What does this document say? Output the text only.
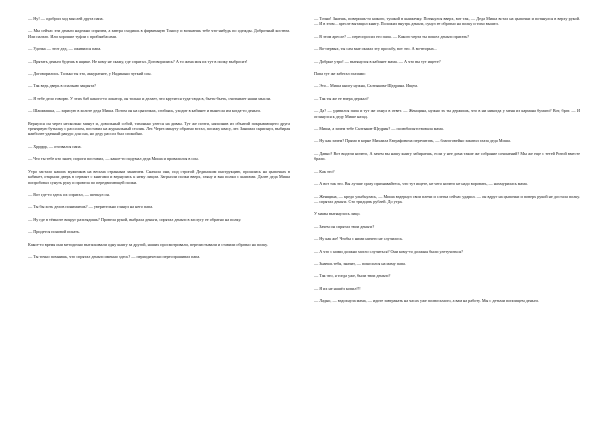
— Ну! — одобрил ход мыслей друга папа.

— Мы сейчас эти деньги надежно спрячем, а завтра сходишь в фирменную Тоносу и возьмешь тебе что-нибудь по одежды. Добротный костюм. Или пальто. Или хорошие туфли с прибамбасами.

— Удочка — этот дед, — оживился папа.

— Прятать деньги будешь в ящике. Не кому не скажу, где спрятал. Договорились? А то жена моя их тут в полку выбросит!

— Договорились. Только ты это, аккуратнее, у Надиньки чуткий сон.

— Так ведь дверь в спальню закрыта?

— Я тебе дело говорю. У этих баб какого-то локатор, он только и делает, что крутится туда-сюда в, бьеть-бьеть, считывает наши мысли.

— Шашмашка, — зарисую в холоте деда Миша. Потом он на цыпочках, сгибаясь, уходит в кабинет и вынесла им когда-то деньги.

Вернулся он через несколько минут и, довольный собой, тихонько улегся на диван. Тут же почти, наполнив из объятий покрывающего друга тренчрвую бутылку с рассолом, поставил на журнальный столик. Лег. Через минуту обратно встал, посижу квасу, лег. Занимал скрипнул, выбирая наиболее удачный ракурс для сна, но деду рассол был спокойно.

— Хррррр, — отозвался папа.

— Что ты тебе кто знает, пороги поставил, — какое-то подумал деда Миша и провалился в сон.

Утро застало наших мужичков на весьма странным занятием. Сначала они, под строгой Дединским инструкцию, прошлись на цыпочках в кабинет, открыли дверь в сервант с книгами и вернулись к нему лицом. Загрызли полки вверх, гляну и вна полки с книгами. Далее деда Миша попробовал сунуть руку и провела по передвигающей полки.

— Вот где-то здесь их спрятал, — шепнул он.

— Ты бы хоть делов понимаешь? — уверительно глянул на него папа.

— Ну где в тёмноте вокруг разглядишь? Провела рукой, выбрала деньги, спрятал деньги в заслугу ее обратно на полку.

— Придется поновой искать.

Какое-то время они методично вытаскивали одну книгу за другой, наших просмотривали, перелистывали и ставили обратно на полку.

— Ты точно помнишь, что спрятал деньги именно здесь? — периодически переспрашивал папа.

— Точно! Знаешь, поверишь-то никого, тушкой в книжечку. Потянулся вверх, вот так, — Деда Миша встал на цыпочки и потянулся в верху рукой. — И в этом... аресле вытащил книгу. Положил внутрь деньги, сунул ее обратно на полку и тихо вышел.

— В этом аресле? — переспросил его папа. — Какого черта ты пошел деньги прятать?

— Во-первых, ты сам мне оказал эту просьбу, вот это. А во-вторых...

— Добрые утро! — вытянулся в кабинет мама. — А что вы тут ищете?

Папа тут же забегал глазами:

— Это... Миша книгу нужна, Салтыкова-Щедрина. Ищем.

— Так ты же ее вчера держал?

— Да? — удивился папа и тут же охнул в ответ. — Женщина, нужно эх ты держишь, что в ни никогда у меня из кармана бумаги? Вот, брат. — И оглянулся к деду Мише назад.

— Миша, а зачем тебе Салтыков-Щедрин? — полюбопытствовала мама.

— Ну как зачем? Прямо в корне Михаила Евграфовича перечитать, — благоговейно закатил глаза деда Миша.

— Давно? Вот видели ничего, А зачем вы нашу книгу забираешь, если у нее дома такие же собрание сочинений? Мы же еще с тетей Ритой вместе брали.

— Как это?

— А вот так это. Вы лучше сразу признавайтесь, что тут ищете, не чего ничего не надо воровать, — нахмурилась мама.

— Женщина, — кредо улыбнулась, — Миша вздернул свои плечи и слегка сейчас ударил. — он вдруг на цыпочки и поверх рукой не достала полку. — спрятал деньги. Сто тридцать рублей. До утра.

У мамы вытянулось лицо.

— Зачем он спрятал твои деньги?

— Ну как же! Чтобы с ними ничего не случилось.

— А что с ними должно могло случиться? Они кому-то должны были улетучиться?

— Знаешь тебя, значит, — покосился на маму папа.

— Так что, я тогда уже, были твои деньги?

— Я их не нашёл копил!!!

— Ладно, — вздохнула мама, — идите завтракать на часах уже полвосьмого, а вам на работу. Мы с детьми попоищем деньги.
